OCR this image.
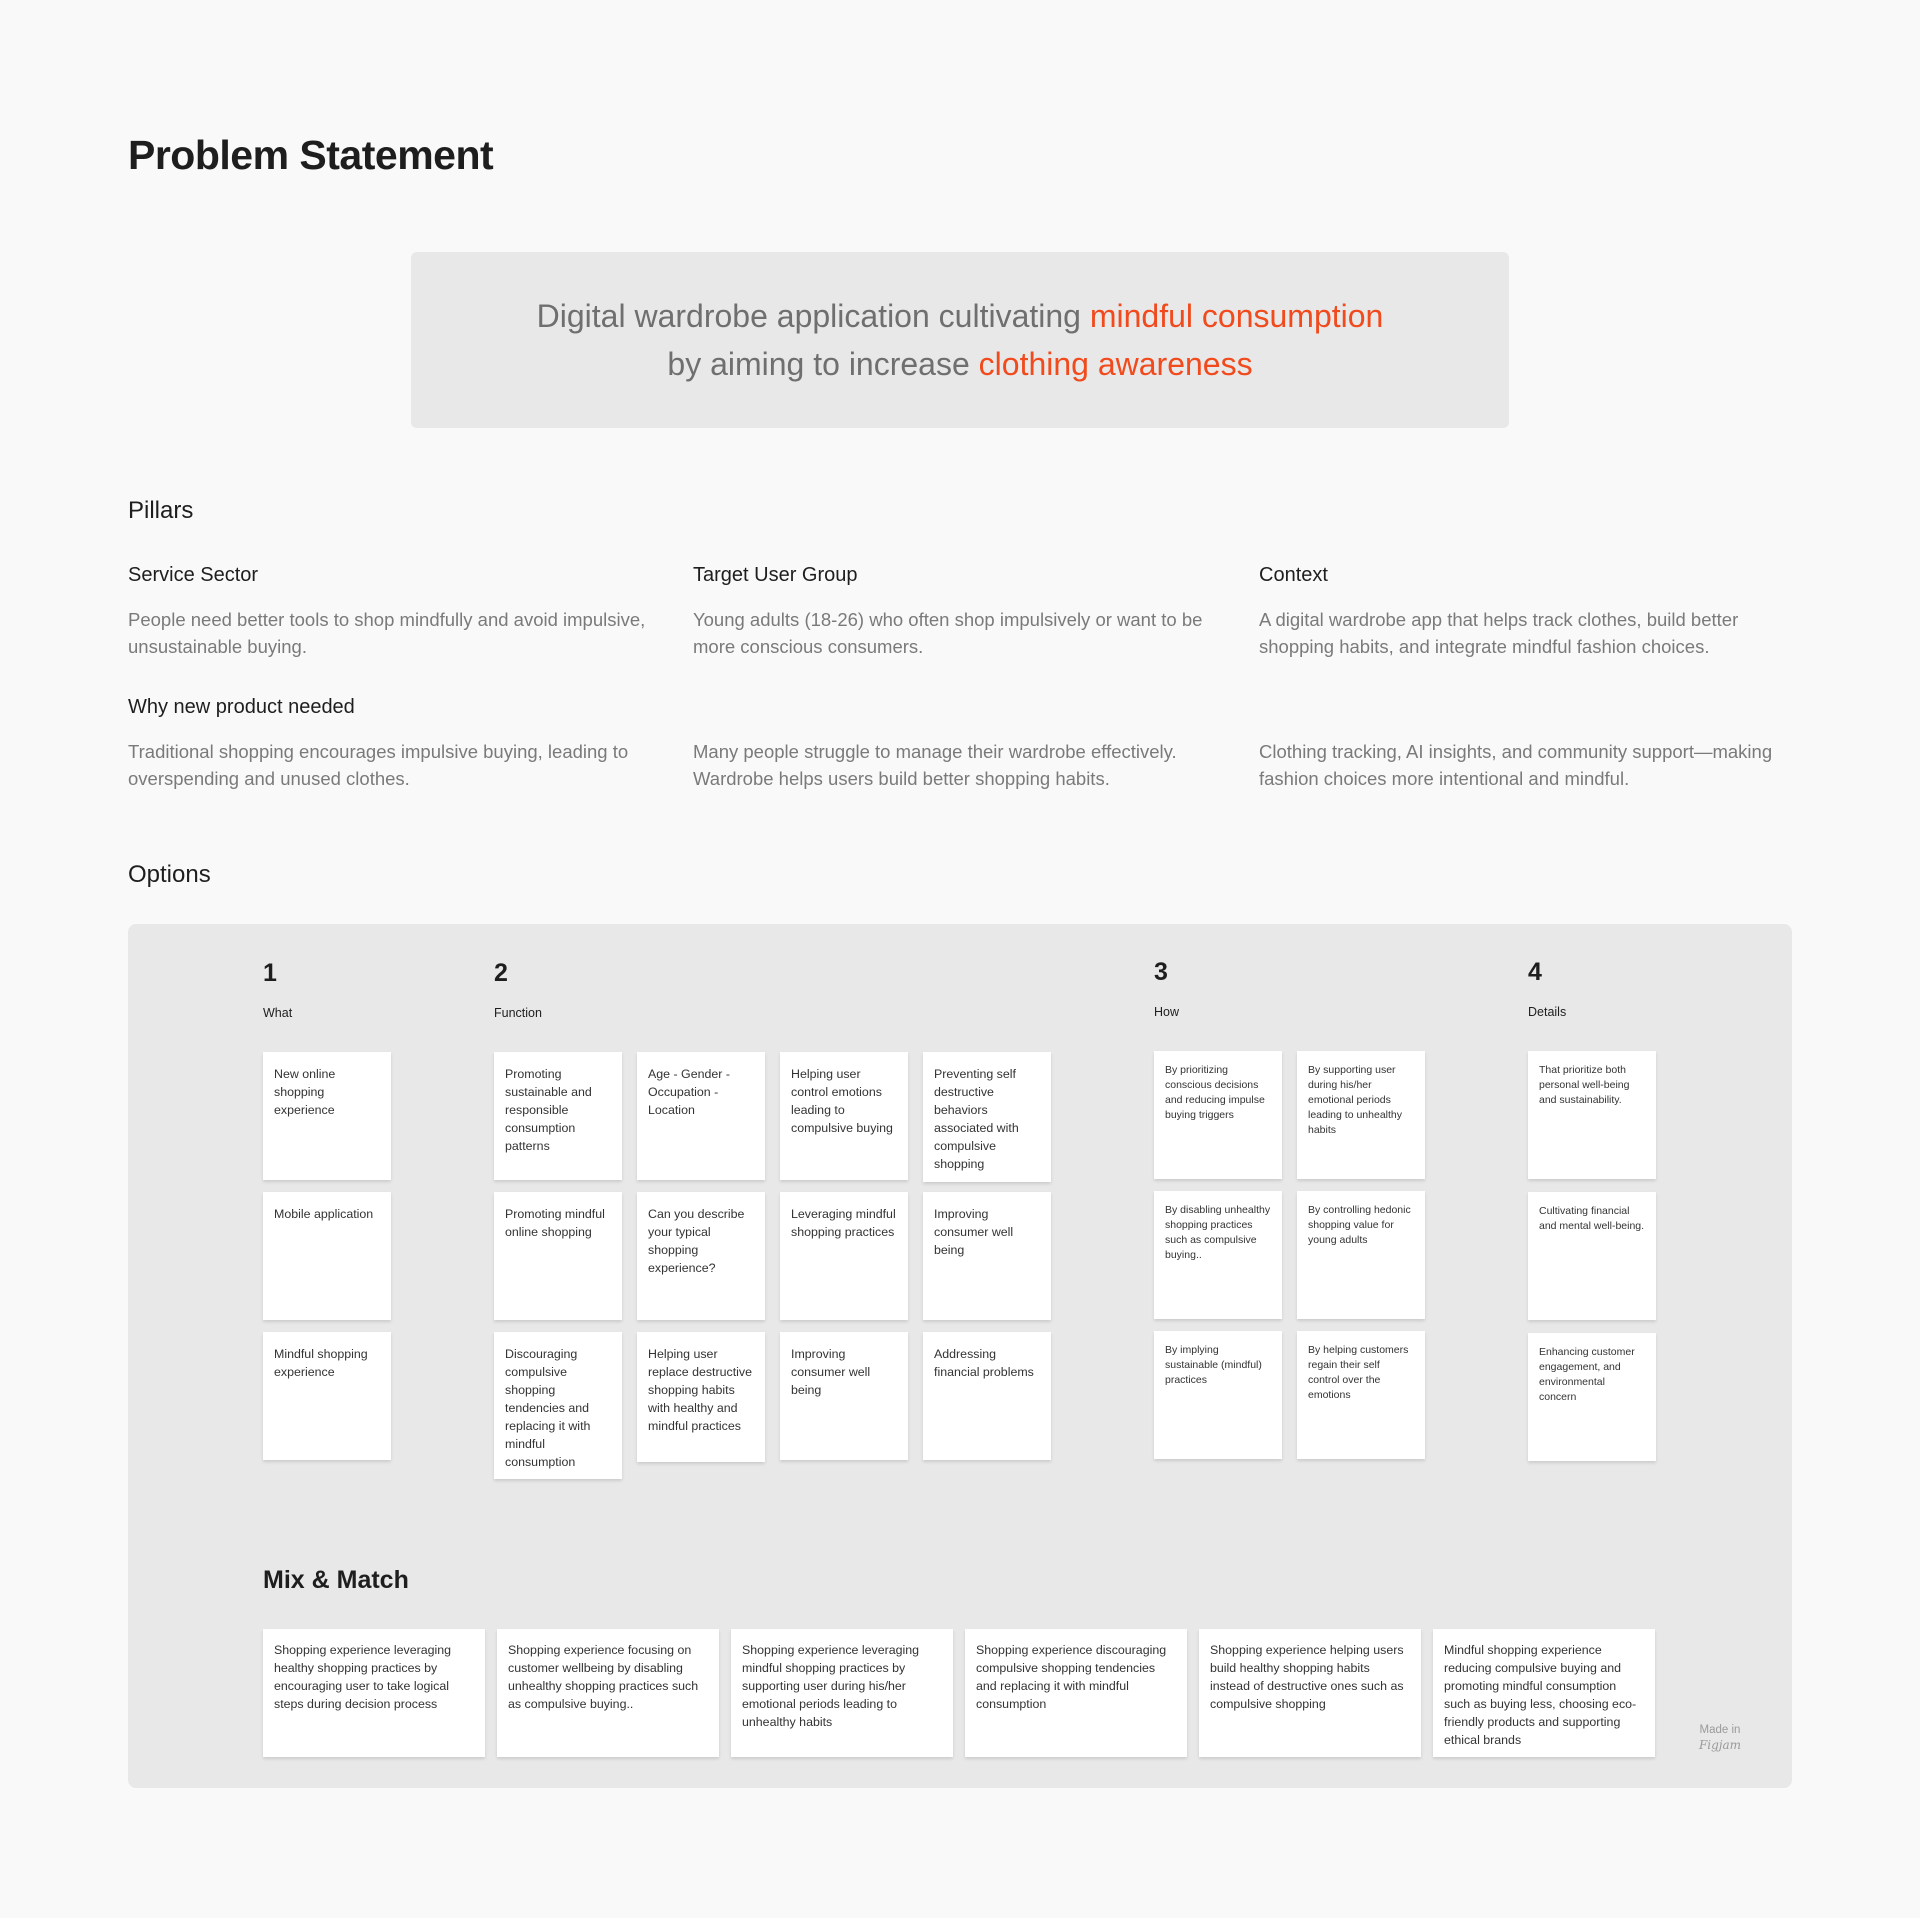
Problem Statement
Digital wardrobe application cultivating mindful consumption
by aiming to increase clothing awareness
Pillars
Service Sector	Target User Group	Context
People need better tools to shop mindfully and avoid impulsive, unsustainable buying.
Young adults (18-26) who often shop impulsively or want to be more conscious consumers.
A digital wardrobe app that helps track clothes, build better shopping habits, and integrate mindful fashion choices.
Why new product needed
Traditional shopping encourages impulsive buying, leading to overspending and unused clothes.
Many people struggle to manage their wardrobe effectively. Wardrobe helps users build better shopping habits.
Clothing tracking, AI insights, and community support—making fashion choices more intentional and mindful.
Options
1
What
2
Function
3
How
4
Details
New online shopping experience
Mobile application
Mindful shopping experience
Promoting sustainable and responsible consumption patterns
Age - Gender - Occupation - Location
Helping user control emotions leading to compulsive buying
Preventing self destructive behaviors associated with compulsive shopping
Promoting mindful online shopping
Can you describe your typical shopping experience?
Leveraging mindful shopping practices
Improving consumer well being
Discouraging compulsive shopping tendencies and replacing it with mindful consumption
Helping user replace destructive shopping habits with healthy and mindful practices
Improving consumer well being
Addressing financial problems
By prioritizing conscious decisions and reducing impulse buying triggers
By supporting user during his/her emotional periods leading to unhealthy habits
By disabling unhealthy shopping practices such as compulsive buying..
By controlling hedonic shopping value for young adults
By implying sustainable (mindful) practices
By helping customers regain their self control over the emotions
That prioritize both personal well-being and sustainability.
Cultivating financial and mental well-being.
Enhancing customer engagement, and environmental concern
Mix & Match
Shopping experience leveraging healthy shopping practices by encouraging user to take logical steps during decision process
Shopping experience focusing on customer wellbeing by disabling unhealthy shopping practices such as compulsive buying..
Shopping experience leveraging mindful shopping practices by supporting user during his/her emotional periods leading to unhealthy habits
Shopping experience discouraging compulsive shopping tendencies and replacing it with mindful consumption
Shopping experience helping users build healthy shopping habits instead of destructive ones such as compulsive shopping
Mindful shopping experience reducing compulsive buying and promoting mindful consumption such as buying less, choosing eco-friendly products and supporting ethical brands
Made in
Figjam
